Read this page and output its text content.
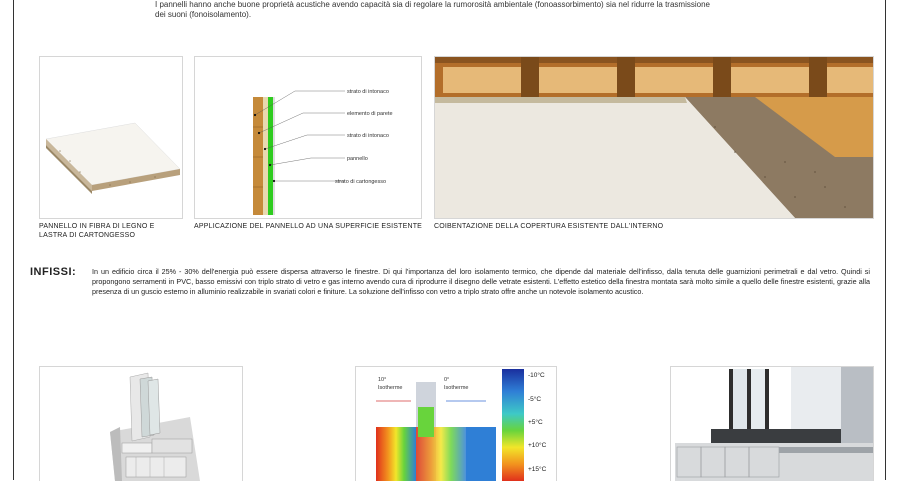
I pannelli hanno anche buone proprietà acustiche avendo capacità sia di regolare la rumorosità ambientale (fonoassorbimento) sia nel ridurre la trasmissione dei suoni (fonoisolamento).
PANNELLO IN FIBRA DI LEGNO E
LASTRA DI CARTONGESSO
strato di intonaco
elemento di parete
strato di intonaco
pannello
strato di cartongesso
APPLICAZIONE DEL PANNELLO AD UNA SUPERFICIE ESISTENTE COIBENTAZIONE DELLA COPERTURA ESISTENTE DALL'INTERNO
INFISSI: In un edificio circa il 25% - 30% dell'energia può essere dispersa attraverso le finestre. Di qui l'importanza del loro isolamento termico, che dipende dal materiale dell'infisso, dalla tenuta delle guarnizioni perimetrali e dal vetro. Quindi si propongono serramenti in PVC, basso emissivi con triplo strato di vetro e gas interno avendo cura di riprodurre il disegno delle vetrate esistenti. L'effetto estetico della finestra montata sarà molto simile a quello delle finestre esistenti, grazie alla presenza di un guscio esterno in alluminio realizzabile in svariati colori e finiture. La soluzione dell'infisso con vetro a triplo strato offre anche un notevole isolamento acustico.
10°
Isotherme
0°
Isotherme
-10°C
-5°C
+5°C
+10°C
+15°C
